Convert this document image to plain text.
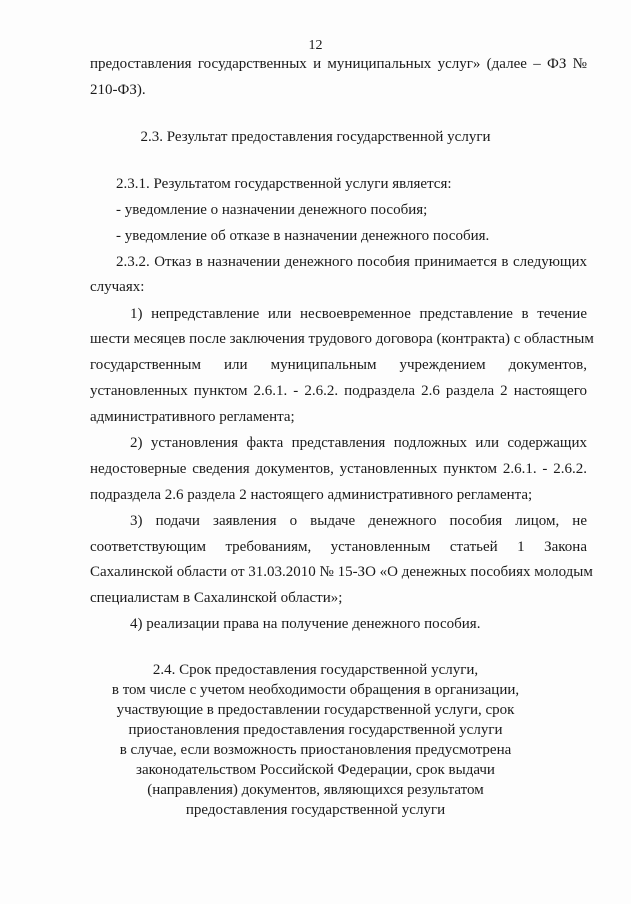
12
предоставления государственных и муниципальных услуг» (далее – ФЗ №
210-ФЗ).
2.3. Результат предоставления государственной услуги
2.3.1. Результатом государственной услуги является:
- уведомление о назначении денежного пособия;
- уведомление об отказе в назначении денежного пособия.
2.3.2. Отказ в назначении денежного пособия принимается в следующих
случаях:
1) непредставление или несвоевременное представление в течение
шести месяцев после заключения трудового договора (контракта) с областным
государственным или муниципальным учреждением документов,
установленных пунктом 2.6.1. - 2.6.2. подраздела 2.6 раздела 2 настоящего
административного регламента;
2) установления факта представления подложных или содержащих
недостоверные сведения документов, установленных пунктом 2.6.1. - 2.6.2.
подраздела 2.6 раздела 2 настоящего административного регламента;
3) подачи заявления о выдаче денежного пособия лицом, не
соответствующим требованиям, установленным статьей 1 Закона
Сахалинской области от 31.03.2010 № 15-ЗО «О денежных пособиях молодым
специалистам в Сахалинской области»;
4) реализации права на получение денежного пособия.
2.4. Срок предоставления государственной услуги,
в том числе с учетом необходимости обращения в организации,
участвующие в предоставлении государственной услуги, срок
приостановления предоставления государственной услуги
в случае, если возможность приостановления предусмотрена
законодательством Российской Федерации, срок выдачи
(направления) документов, являющихся результатом
предоставления государственной услуги
